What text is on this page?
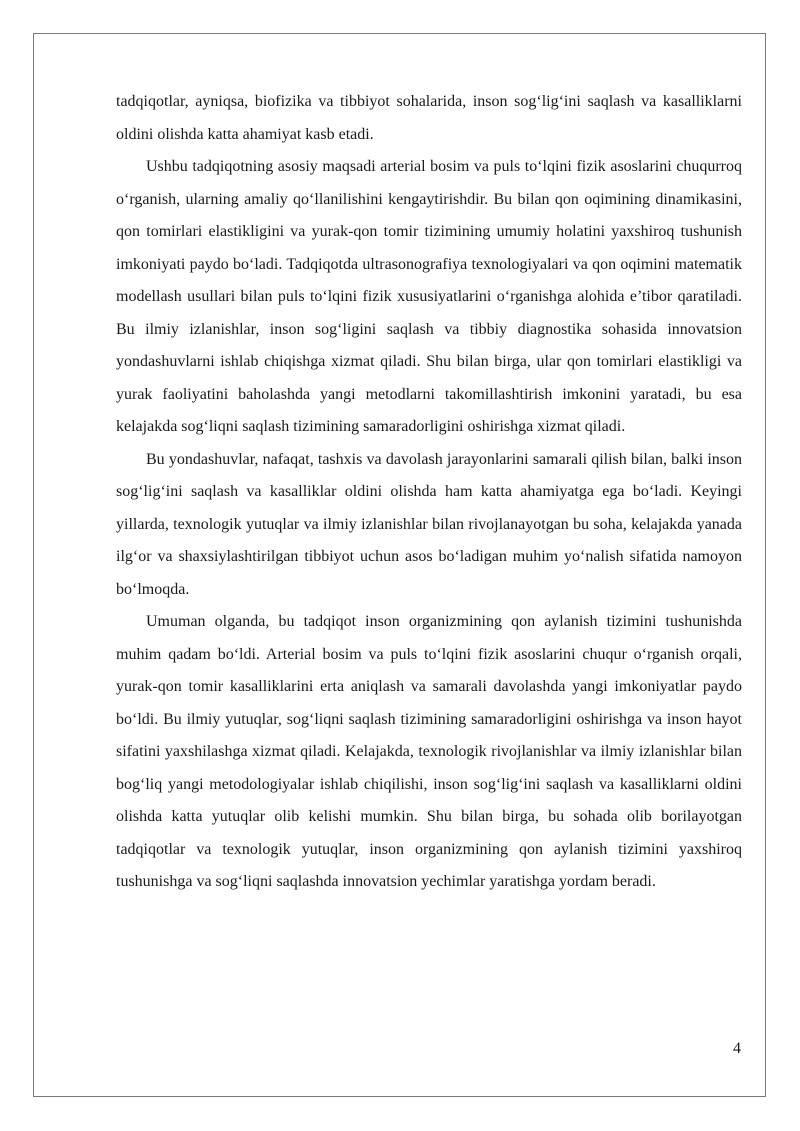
tadqiqotlar, ayniqsa, biofizika va tibbiyot sohalarida, inson sog‘lig‘ini saqlash va kasalliklarni oldini olishda katta ahamiyat kasb etadi.

Ushbu tadqiqotning asosiy maqsadi arterial bosim va puls to‘lqini fizik asoslarini chuqurroq o‘rganish, ularning amaliy qo‘llanilishini kengaytirishdir. Bu bilan qon oqimining dinamikasini, qon tomirlari elastikligini va yurak-qon tomir tizimining umumiy holatini yaxshiroq tushunish imkoniyati paydo bo‘ladi. Tadqiqotda ultrasonografiya texnologiyalari va qon oqimini matematik modellash usullari bilan puls to‘lqini fizik xususiyatlarini o‘rganishga alohida e’tibor qaratiladi. Bu ilmiy izlanishlar, inson sog‘ligini saqlash va tibbiy diagnostika sohasida innovatsion yondashuvlarni ishlab chiqishga xizmat qiladi. Shu bilan birga, ular qon tomirlari elastikligi va yurak faoliyatini baholashda yangi metodlarni takomillashtirish imkonini yaratadi, bu esa kelajakda sog‘liqni saqlash tizimining samaradorligini oshirishga xizmat qiladi.

Bu yondashuvlar, nafaqat, tashxis va davolash jarayonlarini samarali qilish bilan, balki inson sog‘lig‘ini saqlash va kasalliklar oldini olishda ham katta ahamiyatga ega bo‘ladi. Keyingi yillarda, texnologik yutuqlar va ilmiy izlanishlar bilan rivojlanayotgan bu soha, kelajakda yanada ilg‘or va shaxsiylashtirilgan tibbiyot uchun asos bo‘ladigan muhim yo‘nalish sifatida namoyon bo‘lmoqda.

Umuman olganda, bu tadqiqot inson organizmining qon aylanish tizimini tushunishda muhim qadam bo‘ldi. Arterial bosim va puls to‘lqini fizik asoslarini chuqur o‘rganish orqali, yurak-qon tomir kasalliklarini erta aniqlash va samarali davolashda yangi imkoniyatlar paydo bo‘ldi. Bu ilmiy yutuqlar, sog‘liqni saqlash tizimining samaradorligini oshirishga va inson hayot sifatini yaxshilashga xizmat qiladi. Kelajakda, texnologik rivojlanishlar va ilmiy izlanishlar bilan bog‘liq yangi metodologiyalar ishlab chiqilishi, inson sog‘lig‘ini saqlash va kasalliklarni oldini olishda katta yutuqlar olib kelishi mumkin. Shu bilan birga, bu sohada olib borilayotgan tadqiqotlar va texnologik yutuqlar, inson organizmining qon aylanish tizimini yaxshiroq tushunishga va sog‘liqni saqlashda innovatsion yechimlar yaratishga yordam beradi.

4
